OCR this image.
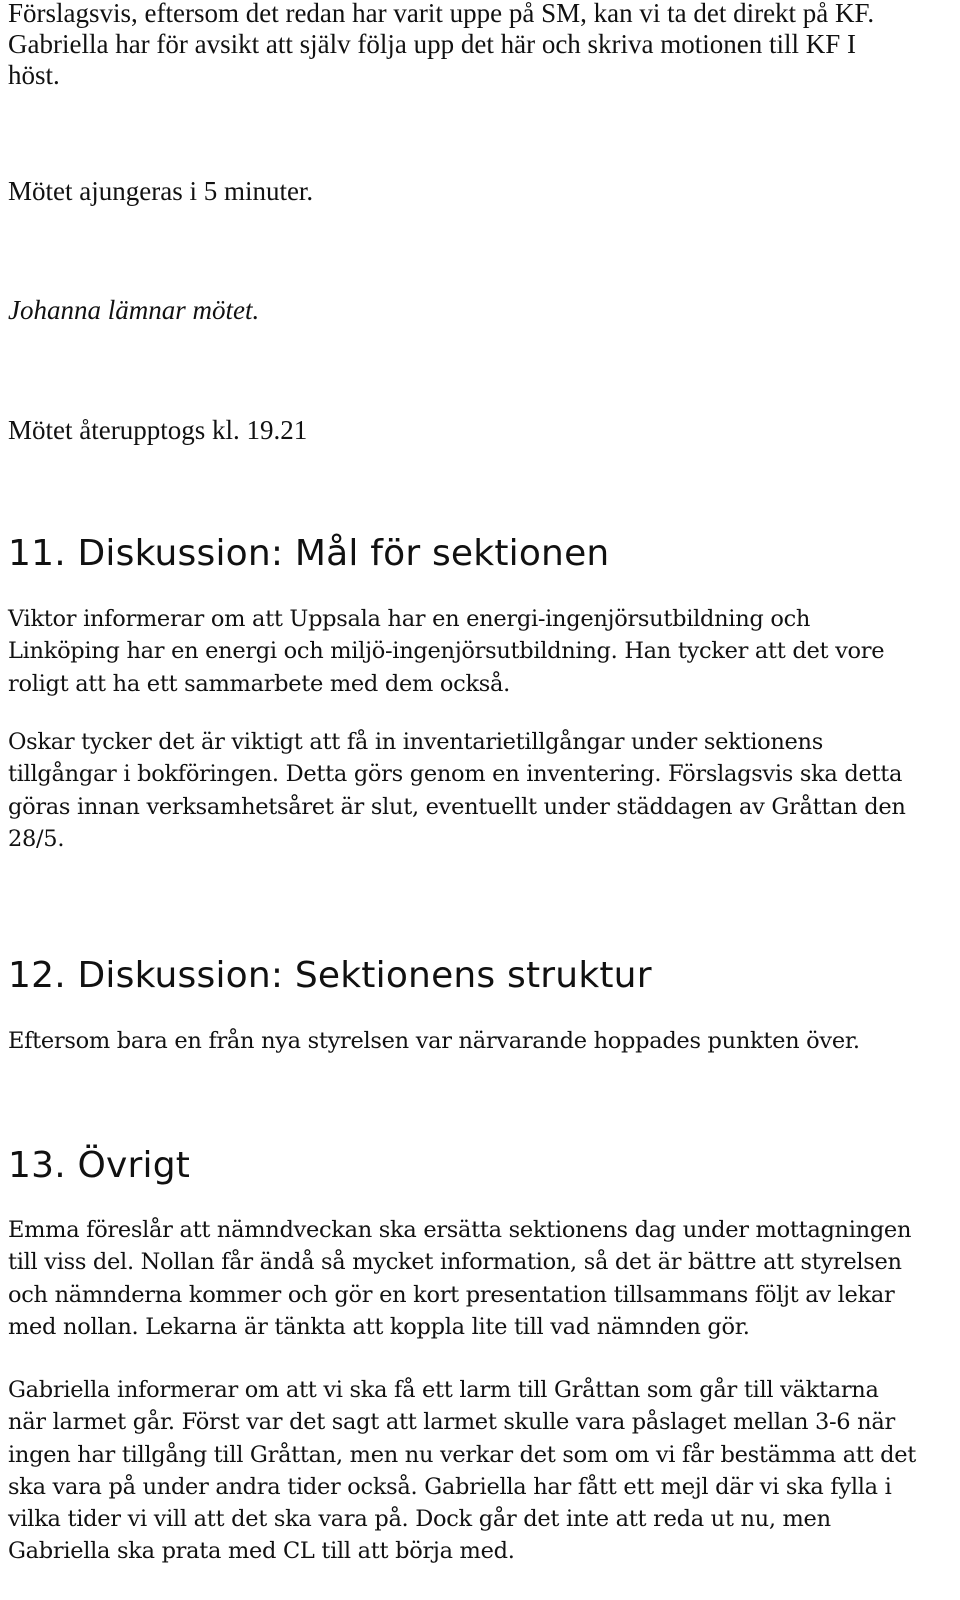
Förslagsvis, eftersom det redan har varit uppe på SM, kan vi ta det direkt på KF.
Gabriella har för avsikt att själv följa upp det här och skriva motionen till KF I
höst.

Mötet ajungeras i 5 minuter.

Johanna lämnar mötet.

Mötet återupptogs kl. 19.21

11. Diskussion: Mål för sektionen

Viktor informerar om att Uppsala har en energi-ingenjörsutbildning och
Linköping har en energi och miljö-ingenjörsutbildning. Han tycker att det vore
roligt att ha ett sammarbete med dem också.

Oskar tycker det är viktigt att få in inventarietillgångar under sektionens
tillgångar i bokföringen. Detta görs genom en inventering. Förslagsvis ska detta
göras innan verksamhetsåret är slut, eventuellt under städdagen av Gråttan den
28/5.

12. Diskussion: Sektionens struktur

Eftersom bara en från nya styrelsen var närvarande hoppades punkten över.

13. Övrigt

Emma föreslår att nämndveckan ska ersätta sektionens dag under mottagningen
till viss del. Nollan får ändå så mycket information, så det är bättre att styrelsen
och nämnderna kommer och gör en kort presentation tillsammans följt av lekar
med nollan. Lekarna är tänkta att koppla lite till vad nämnden gör.

Gabriella informerar om att vi ska få ett larm till Gråttan som går till väktarna
när larmet går. Först var det sagt att larmet skulle vara påslaget mellan 3-6 när
ingen har tillgång till Gråttan, men nu verkar det som om vi får bestämma att det
ska vara på under andra tider också. Gabriella har fått ett mejl där vi ska fylla i
vilka tider vi vill att det ska vara på. Dock går det inte att reda ut nu, men
Gabriella ska prata med CL till att börja med.
